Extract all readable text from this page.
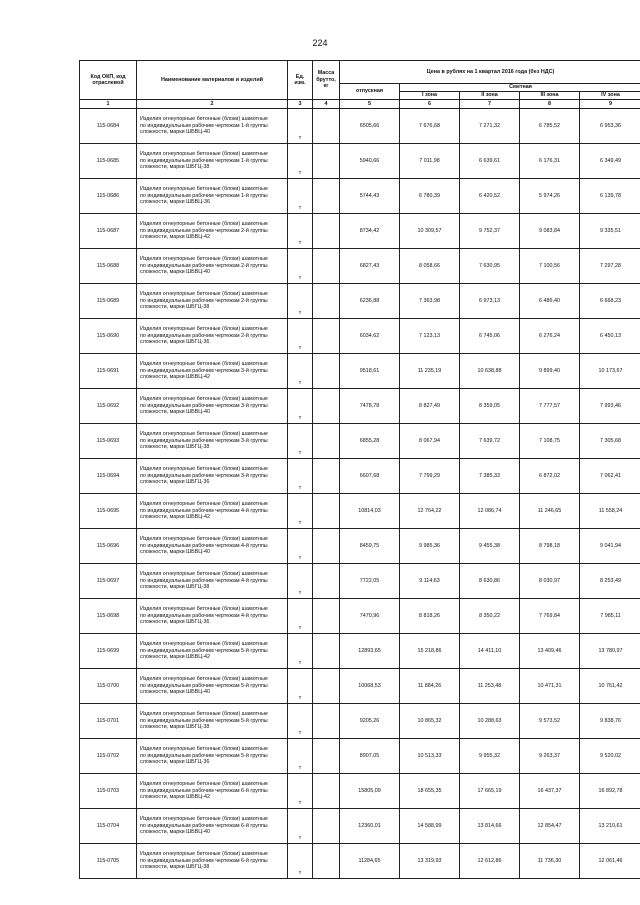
224
Код ОКП, код отраслевой	Наименование материалов и изделий	Ед. изм.	Масса брутто, кг	Цена в рублях на 1 квартал 2016 года (без НДС)				
				отпускная	Сметная			
					I зона	II зона	III зона	IV зона
1	2	3	4	5	6	7	8	9
115-0684	Изделия огнеупорные бетонные (блоки) шамотные
по индивидуальным рабочим чертежам 1-й группы
сложности, марки ШБВЦ-40	т		6505,66	7 676,68	7 271,32	6 785,52	6 953,36
115-0685	Изделия огнеупорные бетонные (блоки) шамотные
по индивидуальным рабочим чертежам 1-й группы
сложности, марки ШБГЦ-38	т		5940,66	7 011,98	6 639,61	6 176,31	6 349,49
115-0686	Изделия огнеупорные бетонные (блоки) шамотные
по индивидуальным рабочим чертежам 1-й группы
сложности, марки ШБВЦ-36	т		5744,43	6 780,39	6 420,52	5 974,26	6 139,78
115-0687	Изделия огнеупорные бетонные (блоки) шамотные
по индивидуальным рабочим чертежам 2-й группы
сложности, марки ШБВЦ-42	т		8734,42	10 309,57	9 752,37	9 083,84	9 335,51
115-0688	Изделия огнеупорные бетонные (блоки) шамотные
по индивидуальным рабочим чертежам 2-й группы
сложности, марки ШБВЦ-40	т		6827,43	8 058,66	7 630,95	7 100,56	7 297,28
115-0689	Изделия огнеупорные бетонные (блоки) шамотные
по индивидуальным рабочим чертежам 2-й группы
сложности, марки ШБГЦ-38	т		6236,88	7 363,98	6 973,13	6 486,40	6 668,23
115-0690	Изделия огнеупорные бетонные (блоки) шамотные
по индивидуальным рабочим чертежам 2-й группы
сложности, марки ШБГЦ-36	т		6034,62	7 123,13	6 745,06	6 276,24	6 450,13
115-0691	Изделия огнеупорные бетонные (блоки) шамотные
по индивидуальным рабочим чертежам 3-й группы
сложности, марки ШБВЦ-42	т		9518,61	11 235,19	10 638,88	9 899,40	10 173,67
115-0692	Изделия огнеупорные бетонные (блоки) шамотные
по индивидуальным рабочим чертежам 3-й группы
сложности, марки ШБВЦ-40	т		7478,78	8 827,49	8 359,05	7 777,57	7 993,46
115-0693	Изделия огнеупорные бетонные (блоки) шамотные
по индивидуальным рабочим чертежам 3-й группы
сложности, марки ШБГЦ-38	т		6855,28	8 067,94	7 639,72	7 108,75	7 305,68
115-0694	Изделия огнеупорные бетонные (блоки) шамотные
по индивидуальным рабочим чертежам 3-й группы
сложности, марки ШБГЦ-36	т		6607,68	7 799,29	7 385,33	6 872,02	7 062,41
115-0695	Изделия огнеупорные бетонные (блоки) шамотные
по индивидуальным рабочим чертежам 4-й группы
сложности, марки ШБВЦ-42	т		10814,03	12 764,22	12 086,74	11 246,65	11 558,24
115-0696	Изделия огнеупорные бетонные (блоки) шамотные
по индивидуальным рабочим чертежам 4-й группы
сложности, марки ШБВЦ-40	т		8459,75	9 985,36	9 455,38	8 798,18	9 041,94
115-0697	Изделия огнеупорные бетонные (блоки) шамотные
по индивидуальным рабочим чертежам 4-й группы
сложности, марки ШБГЦ-38	т		7722,05	9 114,63	8 630,86	8 030,97	8 253,49
115-0698	Изделия огнеупорные бетонные (блоки) шамотные
по индивидуальным рабочим чертежам 4-й группы
сложности, марки ШБГЦ-36	т		7470,96	8 818,26	8 350,22	7 769,84	7 985,11
115-0699	Изделия огнеупорные бетонные (блоки) шамотные
по индивидуальным рабочим чертежам 5-й группы
сложности, марки ШБВЦ-42	т		12893,65	15 218,86	14 411,10	13 409,46	13 780,97
115-0700	Изделия огнеупорные бетонные (блоки) шамотные
по индивидуальным рабочим чертежам 5-й группы
сложности, марки ШБВЦ-40	т		10068,53	11 884,26	11 253,48	10 471,31	10 761,42
115-0701	Изделия огнеупорные бетонные (блоки) шамотные
по индивидуальным рабочим чертежам 5-й группы
сложности, марки ШБГЦ-38	т		9205,26	10 865,32	10 288,63	9 573,52	9 838,76
115-0702	Изделия огнеупорные бетонные (блоки) шамотные
по индивидуальным рабочим чертежам 5-й группы
сложности, марки ШБГЦ-36	т		8907,05	10 513,33	9 955,32	9 263,37	9 520,02
115-0703	Изделия огнеупорные бетонные (блоки) шамотные
по индивидуальным рабочим чертежам 6-й группы
сложности, марки ШБВЦ-42	т		15805,09	18 655,35	17 665,19	16 437,37	16 892,78
115-0704	Изделия огнеупорные бетонные (блоки) шамотные
по индивидуальным рабочим чертежам 6-й группы
сложности, марки ШБВЦ-40	т		12360,01	14 588,99	13 814,66	12 854,47	13 210,61
115-0705	Изделия огнеупорные бетонные (блоки) шамотные
по индивидуальным рабочим чертежам 6-й группы
сложности, марки ШБГЦ-38	т		11284,65	13 319,93	12 612,86	11 736,30	12 061,46
